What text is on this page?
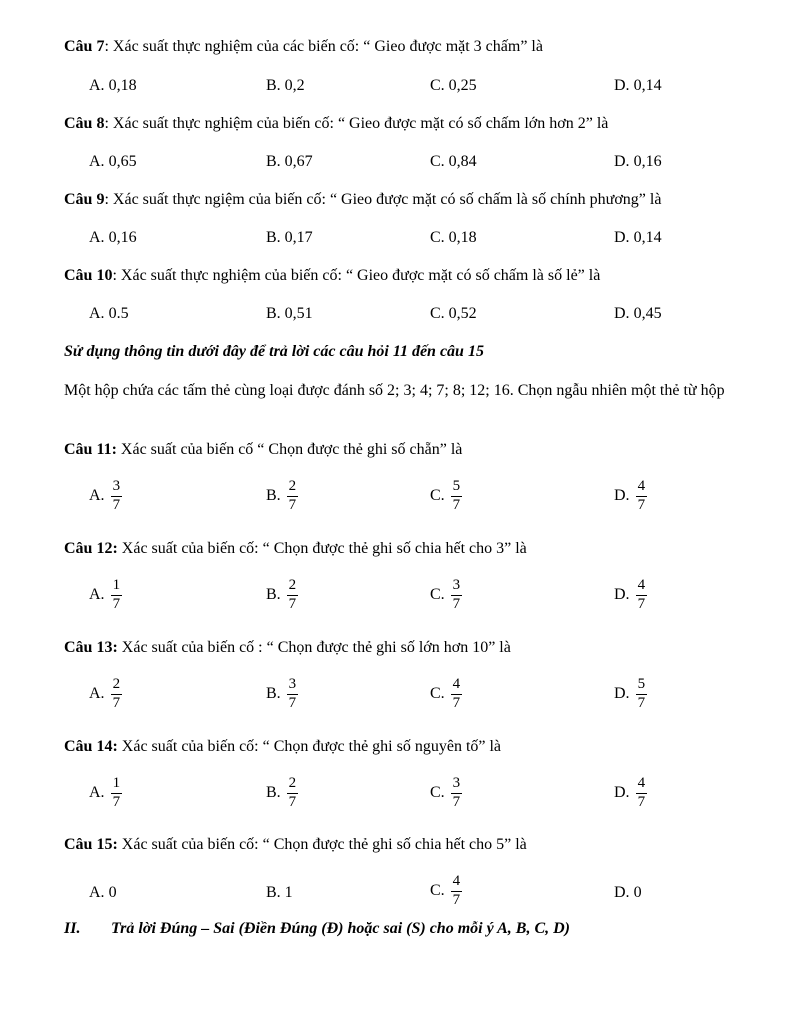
Câu 7: Xác suất thực nghiệm của các biến cố: “ Gieo được mặt 3 chấm” là
A. 0,18	B. 0,2	C. 0,25	D. 0,14
Câu 8: Xác suất thực nghiệm của biến cố: “ Gieo được mặt có số chấm lớn hơn 2” là
A. 0,65	B. 0,67	C. 0,84	D. 0,16
Câu 9: Xác suất thực ngiệm của biến cố: “ Gieo được mặt có số chấm là số chính phương” là
A. 0,16	B. 0,17	C. 0,18	D. 0,14
Câu 10: Xác suất thực nghiệm của biến cố: “ Gieo được mặt có số chấm là số lẻ” là
A. 0.5	B. 0,51	C. 0,52	D. 0,45
Sử dụng thông tin dưới đây để trả lời các câu hỏi 11 đến câu 15
Một hộp chứa các tấm thẻ cùng loại được đánh số 2; 3; 4; 7; 8; 12; 16. Chọn ngẫu nhiên một thẻ từ hộp
Câu 11: Xác suất của biến cố “ Chọn được thẻ ghi số chẵn” là
A. $\frac{3}{7}$	B. $\frac{2}{7}$	C. $\frac{5}{7}$	D. $\frac{4}{7}$
Câu 12: Xác suất của biến cố: “ Chọn được thẻ ghi số chia hết cho 3” là
A. $\frac{1}{7}$	B. $\frac{2}{7}$	C. $\frac{3}{7}$	D. $\frac{4}{7}$
Câu 13: Xác suất của biến cố : “ Chọn được thẻ ghi số lớn hơn 10” là
A. $\frac{2}{7}$	B. $\frac{3}{7}$	C. $\frac{4}{7}$	D. $\frac{5}{7}$
Câu 14: Xác suất của biến cố: “ Chọn được thẻ ghi số nguyên tố” là
A. $\frac{1}{7}$	B. $\frac{2}{7}$	C. $\frac{3}{7}$	D. $\frac{4}{7}$
Câu 15: Xác suất của biến cố: “ Chọn được thẻ ghi số chia hết cho 5” là
A. 0	B. 1	C. $\frac{4}{7}$	D. 0
II. Trả lời Đúng – Sai (Điền Đúng (Đ) hoặc sai (S) cho mỗi ý A, B, C, D)
